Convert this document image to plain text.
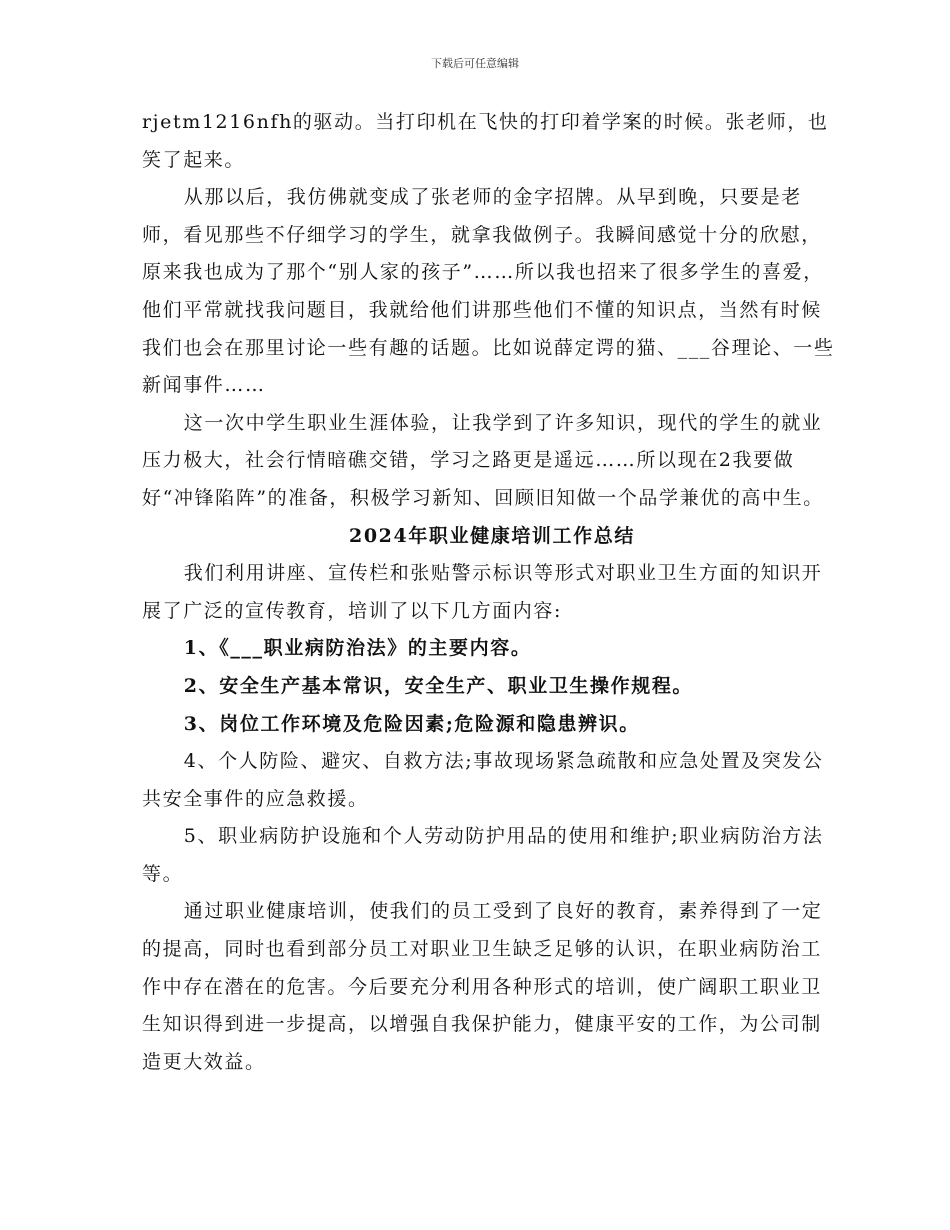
下载后可任意编辑

rjetm1216nfh的驱动。当打印机在飞快的打印着学案的时候。张老师，也笑了起来。

从那以后，我仿佛就变成了张老师的金字招牌。从早到晚，只要是老师，看见那些不仔细学习的学生，就拿我做例子。我瞬间感觉十分的欣慰，原来我也成为了那个“别人家的孩子”……所以我也招来了很多学生的喜爱，他们平常就找我问题目，我就给他们讲那些他们不懂的知识点，当然有时候我们也会在那里讨论一些有趣的话题。比如说薛定谔的猫、___谷理论、一些新闻事件……

这一次中学生职业生涯体验，让我学到了许多知识，现代的学生的就业压力极大，社会行情暗礁交错，学习之路更是遥远……所以现在2我要做好“冲锋陷阵”的准备，积极学习新知、回顾旧知做一个品学兼优的高中生。

2024年职业健康培训工作总结

我们利用讲座、宣传栏和张贴警示标识等形式对职业卫生方面的知识开展了广泛的宣传教育，培训了以下几方面内容:

1、《___职业病防治法》的主要内容。

2、安全生产基本常识，安全生产、职业卫生操作规程。

3、岗位工作环境及危险因素;危险源和隐患辨识。

4、个人防险、避灾、自救方法;事故现场紧急疏散和应急处置及突发公共安全事件的应急救援。

5、职业病防护设施和个人劳动防护用品的使用和维护;职业病防治方法等。

通过职业健康培训，使我们的员工受到了良好的教育，素养得到了一定的提高，同时也看到部分员工对职业卫生缺乏足够的认识，在职业病防治工作中存在潜在的危害。今后要充分利用各种形式的培训，使广阔职工职业卫生知识得到进一步提高，以增强自我保护能力，健康平安的工作，为公司制造更大效益。
